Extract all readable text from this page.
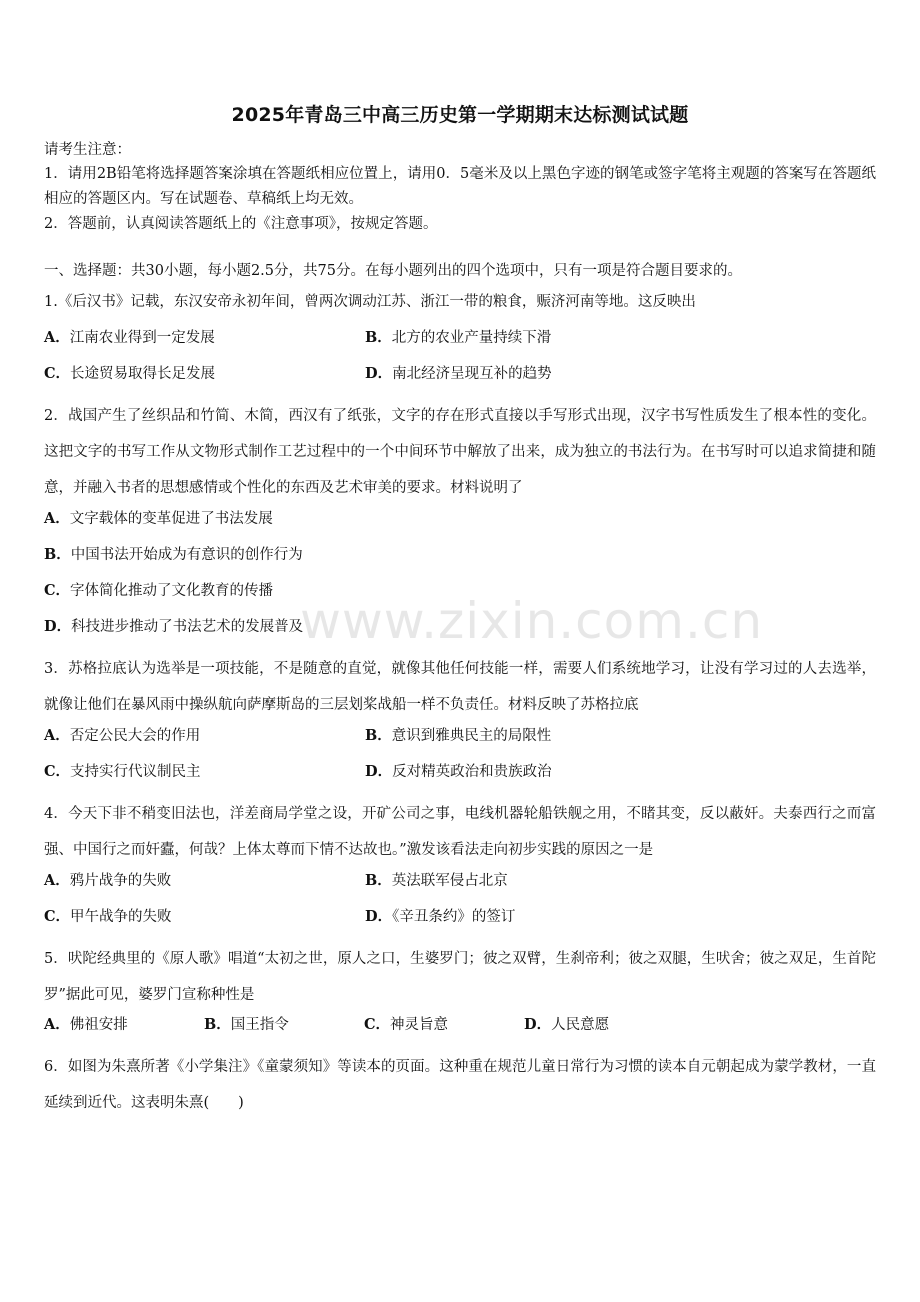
www.zixin.com.cn
2025年青岛三中高三历史第一学期期末达标测试试题
请考生注意：
1．请用2B铅笔将选择题答案涂填在答题纸相应位置上，请用0．5毫米及以上黑色字迹的钢笔或签字笔将主观题的答案写在答题纸相应的答题区内。写在试题卷、草稿纸上均无效。
2．答题前，认真阅读答题纸上的《注意事项》，按规定答题。
一、选择题：共30小题，每小题2.5分，共75分。在每小题列出的四个选项中，只有一项是符合题目要求的。
1.《后汉书》记载，东汉安帝永初年间，曾两次调动江苏、浙江一带的粮食，赈济河南等地。这反映出
A．江南农业得到一定发展	B．北方的农业产量持续下滑
C．长途贸易取得长足发展	D．南北经济呈现互补的趋势
2．战国产生了丝织品和竹简、木简，西汉有了纸张，文字的存在形式直接以手写形式出现，汉字书写性质发生了根本性的变化。这把文字的书写工作从文物形式制作工艺过程中的一个中间环节中解放了出来，成为独立的书法行为。在书写时可以追求简捷和随意，并融入书者的思想感情或个性化的东西及艺术审美的要求。材料说明了
A．文字载体的变革促进了书法发展
B．中国书法开始成为有意识的创作行为
C．字体简化推动了文化教育的传播
D．科技进步推动了书法艺术的发展普及
3．苏格拉底认为选举是一项技能，不是随意的直觉，就像其他任何技能一样，需要人们系统地学习，让没有学习过的人去选举，就像让他们在暴风雨中操纵航向萨摩斯岛的三层划桨战船一样不负责任。材料反映了苏格拉底
A．否定公民大会的作用	B．意识到雅典民主的局限性
C．支持实行代议制民主	D．反对精英政治和贵族政治
4．今天下非不稍变旧法也，洋差商局学堂之设，开矿公司之事，电线机器轮船铁舰之用，不睹其变，反以蔽奸。夫泰西行之而富强、中国行之而奸蠹，何哉？上体太尊而下情不达故也。”激发该看法走向初步实践的原因之一是
A．鸦片战争的失败	B．英法联军侵占北京
C．甲午战争的失败	D．《辛丑条约》的签订
5．吠陀经典里的《原人歌》唱道“太初之世，原人之口，生婆罗门；彼之双臂，生刹帝利；彼之双腿，生吠舍；彼之双足，生首陀罗”据此可见，婆罗门宣称种性是
A．佛祖安排	B．国王指令	C．神灵旨意	D．人民意愿
6．如图为朱熹所著《小学集注》《童蒙须知》等读本的页面。这种重在规范儿童日常行为习惯的读本自元朝起成为蒙学教材，一直延续到近代。这表明朱熹(　　)
